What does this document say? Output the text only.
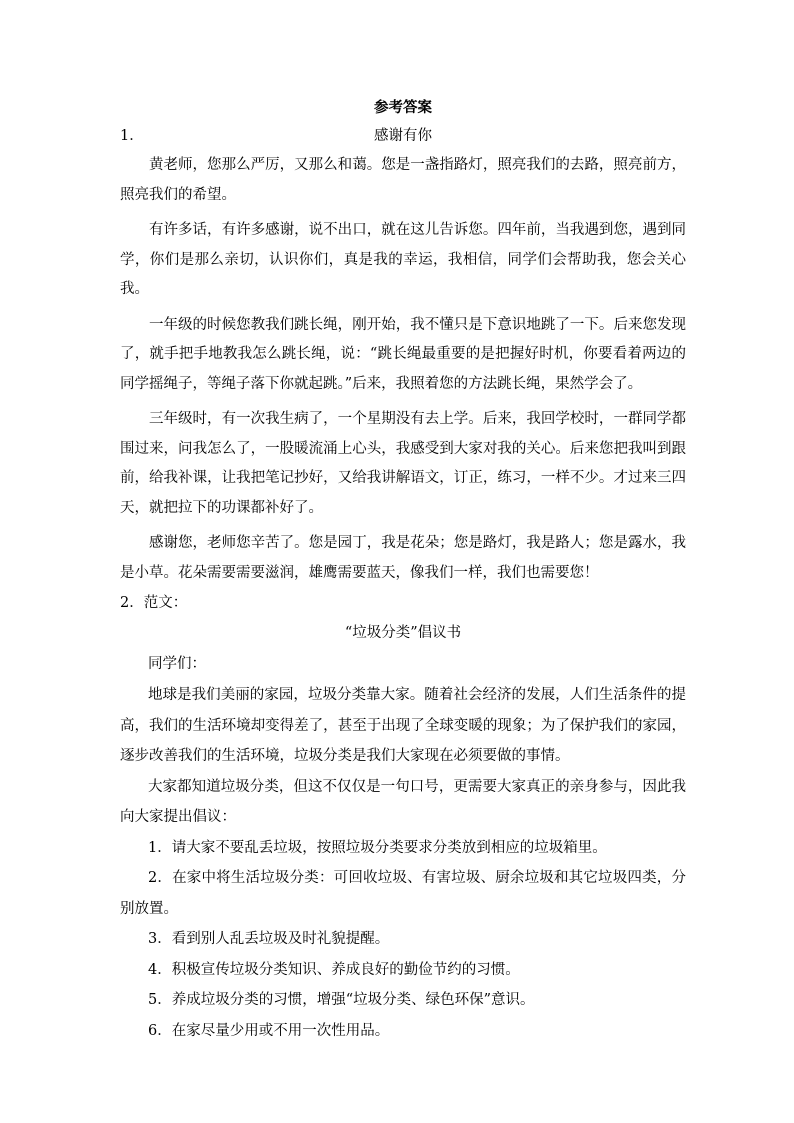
参考答案
1．	感谢有你

黄老师，您那么严厉，又那么和蔼。您是一盏指路灯，照亮我们的去路，照亮前方，照亮我们的希望。

有许多话，有许多感谢，说不出口，就在这儿告诉您。四年前，当我遇到您，遇到同学，你们是那么亲切，认识你们，真是我的幸运，我相信，同学们会帮助我，您会关心我。

一年级的时候您教我们跳长绳，刚开始，我不懂只是下意识地跳了一下。后来您发现了，就手把手地教我怎么跳长绳，说：“跳长绳最重要的是把握好时机，你要看着两边的同学摇绳子，等绳子落下你就起跳。”后来，我照着您的方法跳长绳，果然学会了。

三年级时，有一次我生病了，一个星期没有去上学。后来，我回学校时，一群同学都围过来，问我怎么了，一股暖流涌上心头，我感受到大家对我的关心。后来您把我叫到跟前，给我补课，让我把笔记抄好，又给我讲解语文，订正，练习，一样不少。才过来三四天，就把拉下的功课都补好了。

感谢您，老师您辛苦了。您是园丁，我是花朵；您是路灯，我是路人；您是露水，我是小草。花朵需要需要滋润，雄鹰需要蓝天，像我们一样，我们也需要您！

2．范文：
“垃圾分类”倡议书
同学们：

地球是我们美丽的家园，垃圾分类靠大家。随着社会经济的发展，人们生活条件的提高，我们的生活环境却变得差了，甚至于出现了全球变暖的现象；为了保护我们的家园，逐步改善我们的生活环境，垃圾分类是我们大家现在必须要做的事情。

大家都知道垃圾分类，但这不仅仅是一句口号，更需要大家真正的亲身参与，因此我向大家提出倡议：

1．请大家不要乱丢垃圾，按照垃圾分类要求分类放到相应的垃圾箱里。

2．在家中将生活垃圾分类：可回收垃圾、有害垃圾、厨余垃圾和其它垃圾四类，分别放置。

3．看到别人乱丢垃圾及时礼貌提醒。

4．积极宣传垃圾分类知识、养成良好的勤俭节约的习惯。

5．养成垃圾分类的习惯，增强“垃圾分类、绿色环保”意识。

6．在家尽量少用或不用一次性用品。
